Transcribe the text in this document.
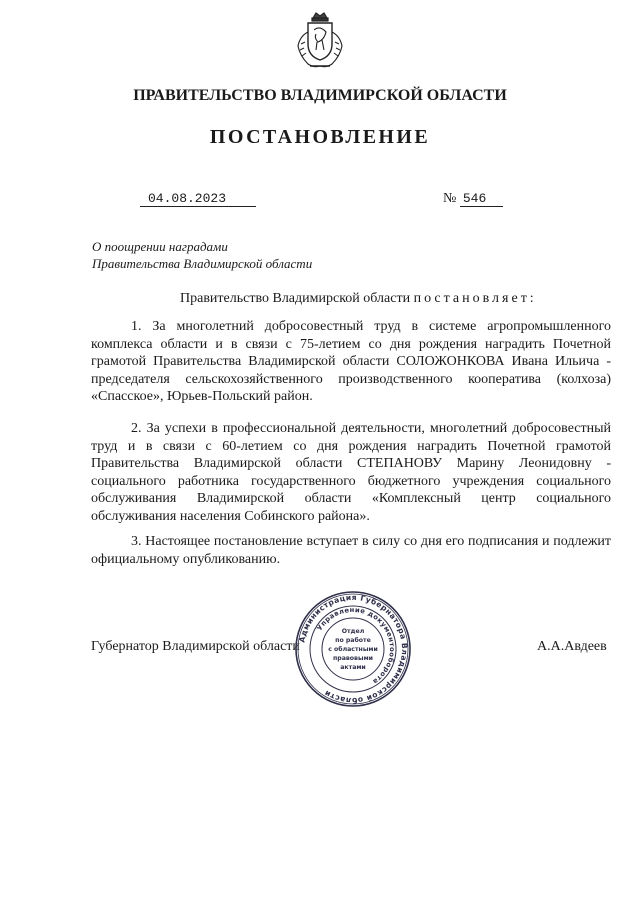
ПРАВИТЕЛЬСТВО ВЛАДИМИРСКОЙ ОБЛАСТИ
ПОСТАНОВЛЕНИЕ
04.08.2023	№ 546
О поощрении наградами
Правительства Владимирской области
Правительство Владимирской области постановляет:

1. За многолетний добросовестный труд в системе агропромышленного комплекса области и в связи с 75-летием со дня рождения наградить Почетной грамотой Правительства Владимирской области СОЛОЖОНКОВА Ивана Ильича - председателя сельскохозяйственного производственного кооператива (колхоза) «Спасское», Юрьев-Польский район.

2. За успехи в профессиональной деятельности, многолетний добросовестный труд и в связи с 60-летием со дня рождения наградить Почетной грамотой Правительства Владимирской области СТЕПАНОВУ Марину Леонидовну - социального работника государственного бюджетного учреждения социального обслуживания Владимирской области «Комплексный центр социального обслуживания населения Собинского района».

3. Настоящее постановление вступает в силу со дня его подписания и подлежит официальному опубликованию.

Губернатор Владимирской области	А.А.Авдеев
Администрация Губернатора Владимирской области
Управление документооборота
Отдел
по работе
с областными
правовыми
актами
